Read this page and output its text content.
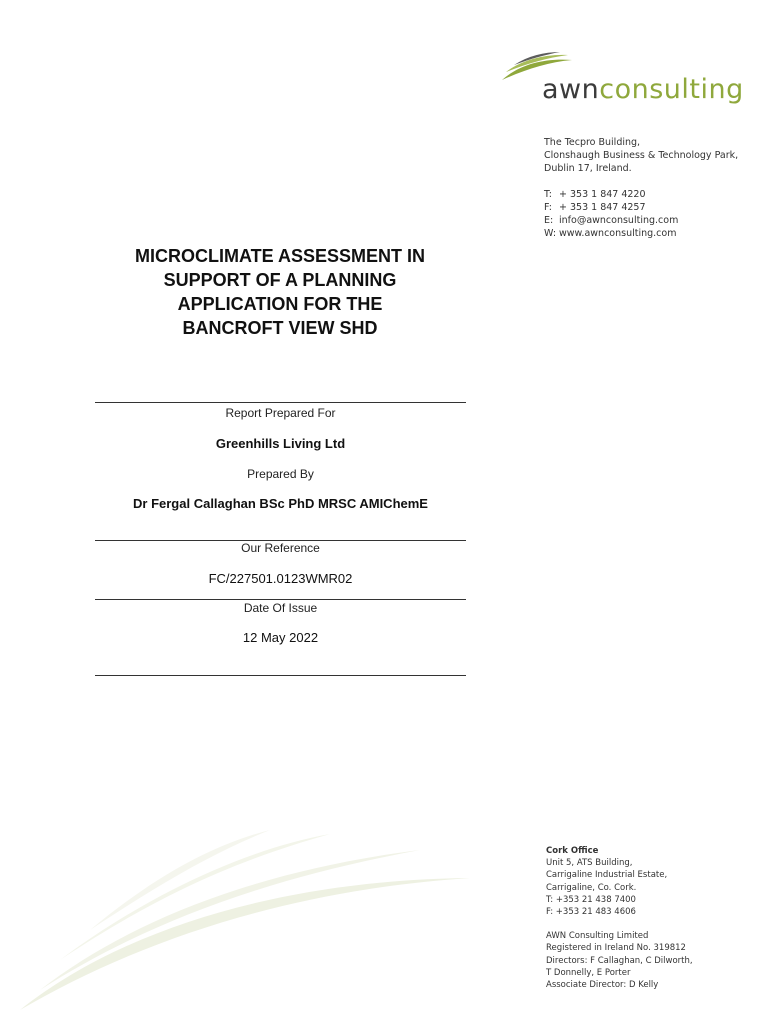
awnconsulting
The Tecpro Building,
Clonshaugh Business & Technology Park,
Dublin 17, Ireland.
T: + 353 1 847 4220
F: + 353 1 847 4257
E: info@awnconsulting.com
W: www.awnconsulting.com
MICROCLIMATE ASSESSMENT IN
SUPPORT OF A PLANNING
APPLICATION FOR THE
BANCROFT VIEW SHD
Report Prepared For
Greenhills Living Ltd
Prepared By
Dr Fergal Callaghan BSc PhD MRSC AMIChemE
Our Reference
FC/227501.0123WMR02
Date Of Issue
12 May 2022
Cork Office
Unit 5, ATS Building,
Carrigaline Industrial Estate,
Carrigaline, Co. Cork.
T: +353 21 438 7400
F: +353 21 483 4606
AWN Consulting Limited
Registered in Ireland No. 319812
Directors: F Callaghan, C Dilworth,
T Donnelly, E Porter
Associate Director: D Kelly
